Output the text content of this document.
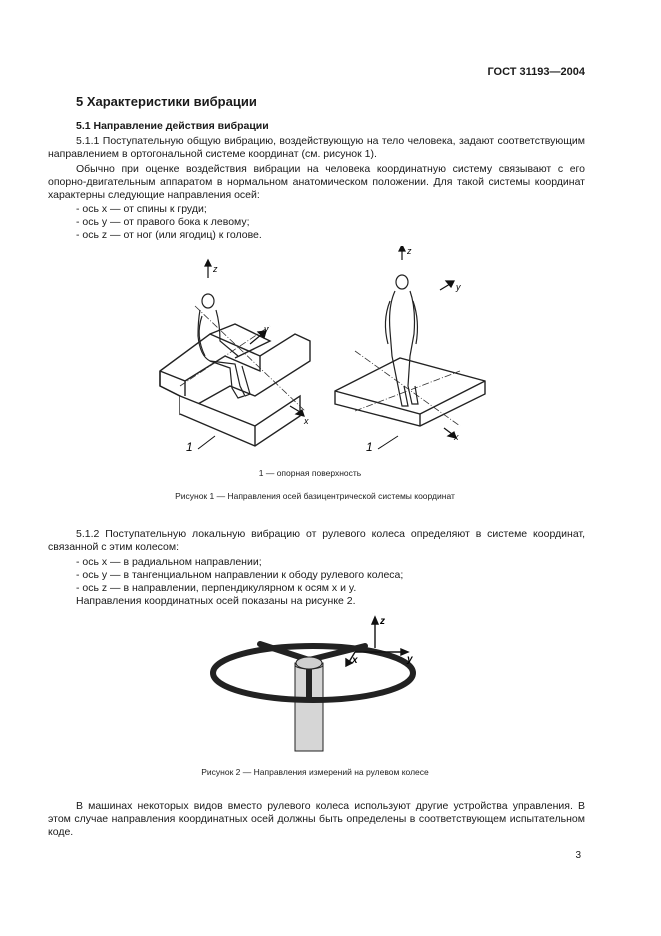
ГОСТ 31193—2004
5 Характеристики вибрации
5.1 Направление действия вибрации
5.1.1 Поступательную общую вибрацию, воздействующую на тело человека, задают соответствующим направлением в ортогональной системе координат (см. рисунок 1).
Обычно при оценке воздействия вибрации на человека координатную систему связывают с его опорно-двигательным аппаратом в нормальном анатомическом положении. Для такой системы координат характерны следующие направления осей:
- ось x — от спины к груди;
- ось y — от правого бока к левому;
- ось z — от ног (или ягодиц) к голове.
z
z
y
y
x
x
1	1
1 — опорная поверхность
Рисунок 1 — Направления осей базицентрической системы координат
5.1.2 Поступательную локальную вибрацию от рулевого колеса определяют в системе координат, связанной с этим колесом:
- ось x — в радиальном направлении;
- ось y — в тангенциальном направлении к ободу рулевого колеса;
- ось z — в направлении, перпендикулярном к осям x и y.
Направления координатных осей показаны на рисунке 2.
z
y
x
Рисунок 2 — Направления измерений на рулевом колесе
В машинах некоторых видов вместо рулевого колеса используют другие устройства управления. В этом случае направления координатных осей должны быть определены в соответствующем испытательном коде.
3
